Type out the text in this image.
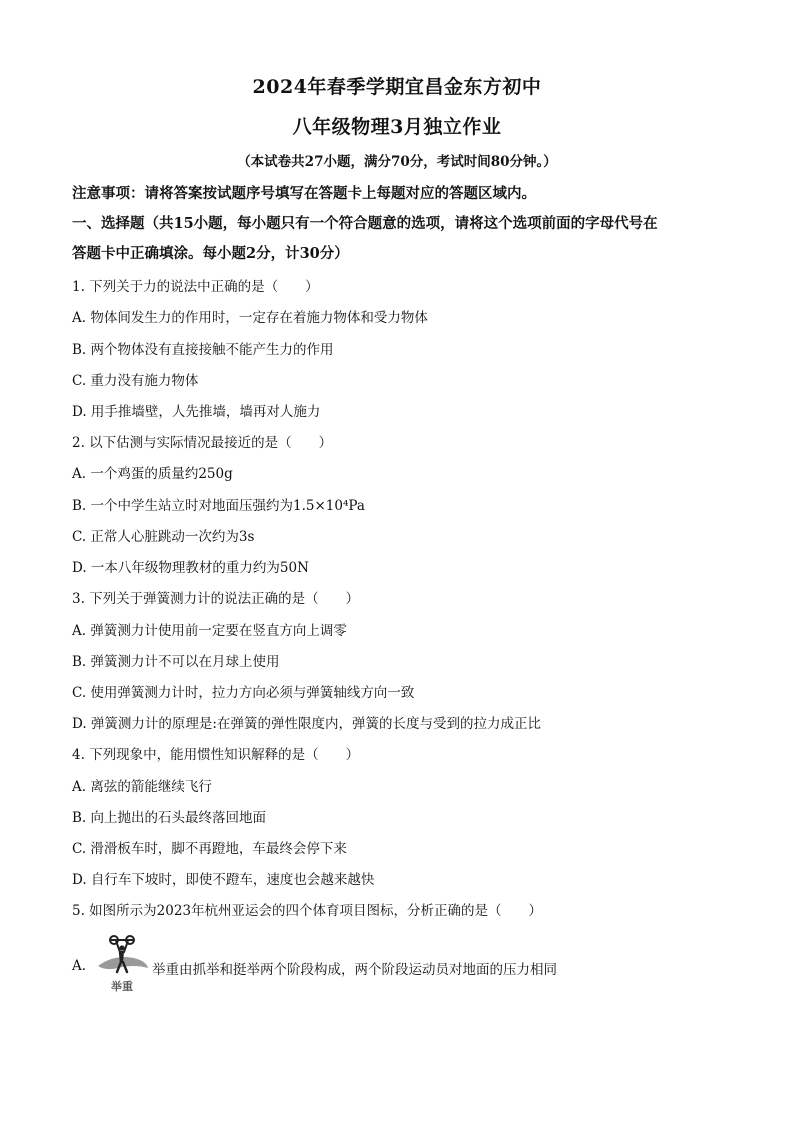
2024年春季学期宜昌金东方初中
八年级物理3月独立作业
（本试卷共27小题，满分70分，考试时间80分钟。）
注意事项：请将答案按试题序号填写在答题卡上每题对应的答题区域内。
一、选择题（共15小题，每小题只有一个符合题意的选项，请将这个选项前面的字母代号在
答题卡中正确填涂。每小题2分，计30分）
1. 下列关于力的说法中正确的是（　　）
A. 物体间发生力的作用时，一定存在着施力物体和受力物体
B. 两个物体没有直接接触不能产生力的作用
C. 重力没有施力物体
D. 用手推墙壁，人先推墙，墙再对人施力
2. 以下估测与实际情况最接近的是（　　）
A. 一个鸡蛋的质量约250g
B. 一个中学生站立时对地面压强约为1.5×10⁴Pa
C. 正常人心脏跳动一次约为3s
D. 一本八年级物理教材的重力约为50N
3. 下列关于弹簧测力计的说法正确的是（　　）
A. 弹簧测力计使用前一定要在竖直方向上调零
B. 弹簧测力计不可以在月球上使用
C. 使用弹簧测力计时，拉力方向必须与弹簧轴线方向一致
D. 弹簧测力计的原理是:在弹簧的弹性限度内，弹簧的长度与受到的拉力成正比
4. 下列现象中，能用惯性知识解释的是（　　）
A. 离弦的箭能继续飞行
B. 向上抛出的石头最终落回地面
C. 滑滑板车时，脚不再蹬地，车最终会停下来
D. 自行车下坡时，即使不蹬车，速度也会越来越快
5. 如图所示为2023年杭州亚运会的四个体育项目图标，分析正确的是（　　）
A.
举重
举重由抓举和挺举两个阶段构成，两个阶段运动员对地面的压力相同
